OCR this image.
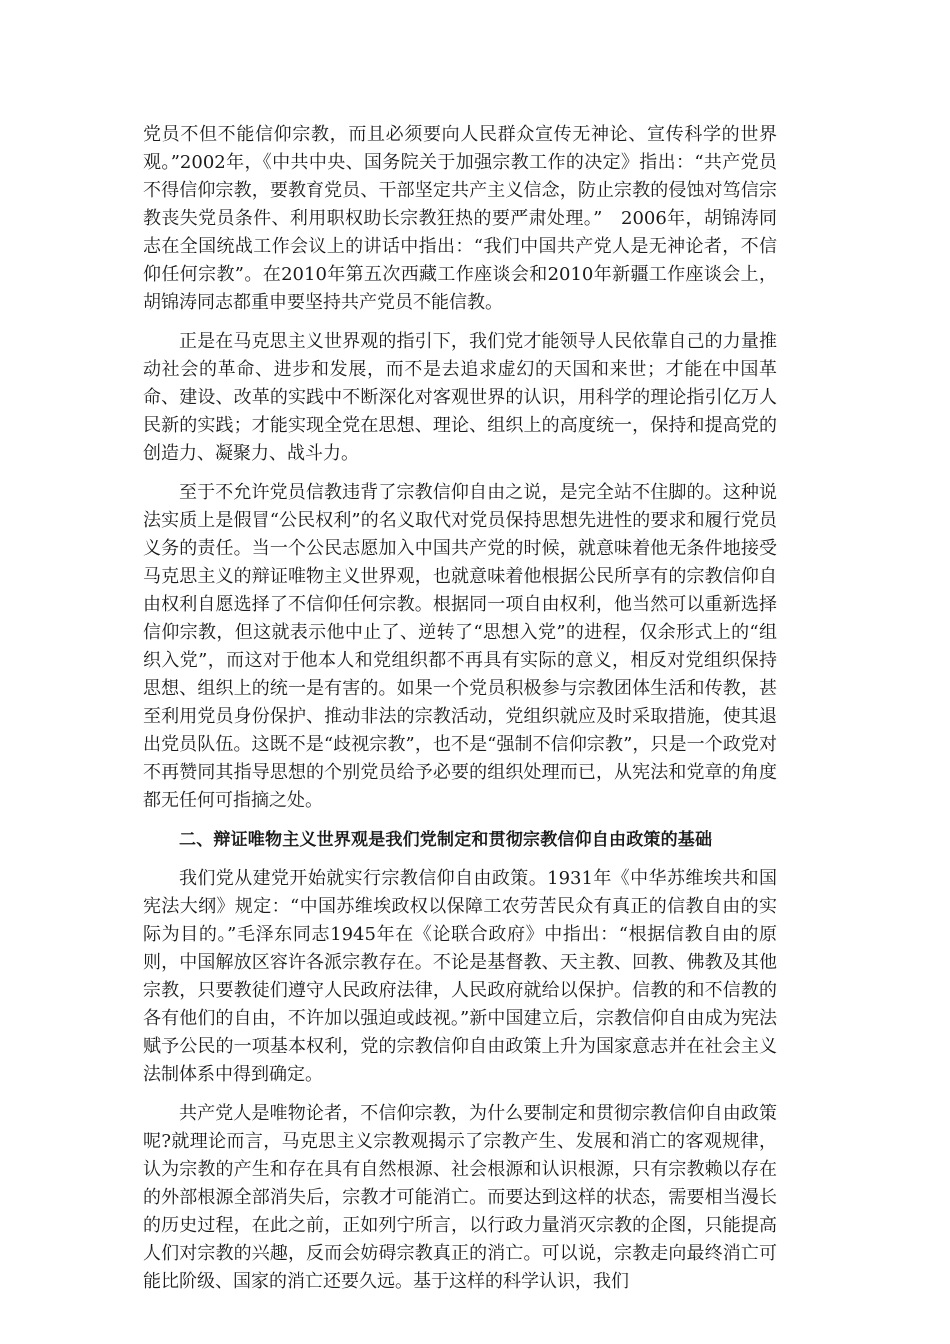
党员不但不能信仰宗教，而且必须要向人民群众宣传无神论、宣传科学的世界观。”2002年，《中共中央、国务院关于加强宗教工作的决定》指出：“共产党员不得信仰宗教，要教育党员、干部坚定共产主义信念，防止宗教的侵蚀对笃信宗教丧失党员条件、利用职权助长宗教狂热的要严肃处理。”　2006年，胡锦涛同志在全国统战工作会议上的讲话中指出：“我们中国共产党人是无神论者，不信仰任何宗教”。在2010年第五次西藏工作座谈会和2010年新疆工作座谈会上，胡锦涛同志都重申要坚持共产党员不能信教。

正是在马克思主义世界观的指引下，我们党才能领导人民依靠自己的力量推动社会的革命、进步和发展，而不是去追求虚幻的天国和来世；才能在中国革命、建设、改革的实践中不断深化对客观世界的认识，用科学的理论指引亿万人民新的实践；才能实现全党在思想、理论、组织上的高度统一，保持和提高党的创造力、凝聚力、战斗力。

至于不允许党员信教违背了宗教信仰自由之说，是完全站不住脚的。这种说法实质上是假冒“公民权利”的名义取代对党员保持思想先进性的要求和履行党员义务的责任。当一个公民志愿加入中国共产党的时候，就意味着他无条件地接受马克思主义的辩证唯物主义世界观，也就意味着他根据公民所享有的宗教信仰自由权利自愿选择了不信仰任何宗教。根据同一项自由权利，他当然可以重新选择信仰宗教，但这就表示他中止了、逆转了“思想入党”的进程，仅余形式上的“组织入党”，而这对于他本人和党组织都不再具有实际的意义，相反对党组织保持思想、组织上的统一是有害的。如果一个党员积极参与宗教团体生活和传教，甚至利用党员身份保护、推动非法的宗教活动，党组织就应及时采取措施，使其退出党员队伍。这既不是“歧视宗教”，也不是“强制不信仰宗教”，只是一个政党对不再赞同其指导思想的个别党员给予必要的组织处理而已，从宪法和党章的角度都无任何可指摘之处。

二、辩证唯物主义世界观是我们党制定和贯彻宗教信仰自由政策的基础

我们党从建党开始就实行宗教信仰自由政策。1931年《中华苏维埃共和国宪法大纲》规定：“中国苏维埃政权以保障工农劳苦民众有真正的信教自由的实际为目的。”毛泽东同志1945年在《论联合政府》中指出：“根据信教自由的原则，中国解放区容许各派宗教存在。不论是基督教、天主教、回教、佛教及其他宗教，只要教徒们遵守人民政府法律，人民政府就给以保护。信教的和不信教的各有他们的自由，不许加以强迫或歧视。”新中国建立后，宗教信仰自由成为宪法赋予公民的一项基本权利，党的宗教信仰自由政策上升为国家意志并在社会主义法制体系中得到确定。

共产党人是唯物论者，不信仰宗教，为什么要制定和贯彻宗教信仰自由政策呢?就理论而言，马克思主义宗教观揭示了宗教产生、发展和消亡的客观规律，认为宗教的产生和存在具有自然根源、社会根源和认识根源，只有宗教赖以存在的外部根源全部消失后，宗教才可能消亡。而要达到这样的状态，需要相当漫长的历史过程，在此之前，正如列宁所言，以行政力量消灭宗教的企图，只能提高人们对宗教的兴趣，反而会妨碍宗教真正的消亡。可以说，宗教走向最终消亡可能比阶级、国家的消亡还要久远。基于这样的科学认识，我们
